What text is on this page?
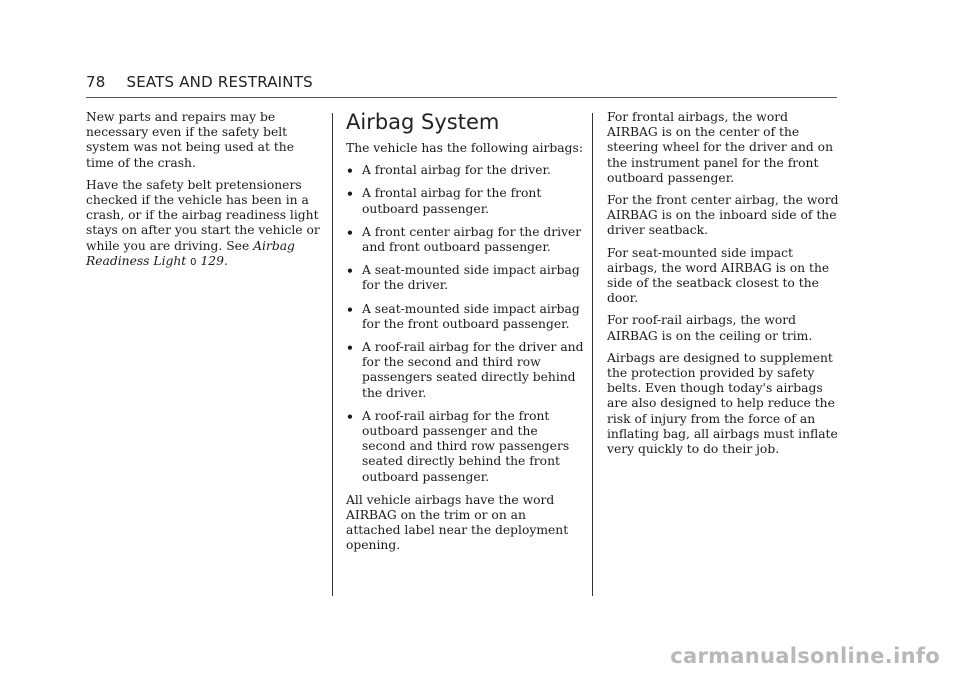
78 SEATS AND RESTRAINTS

New parts and repairs may be necessary even if the safety belt system was not being used at the time of the crash.

Have the safety belt pretensioners checked if the vehicle has been in a crash, or if the airbag readiness light stays on after you start the vehicle or while you are driving. See Airbag Readiness Light 0 129.

Airbag System

The vehicle has the following airbags:

• A frontal airbag for the driver.
• A frontal airbag for the front outboard passenger.
• A front center airbag for the driver and front outboard passenger.
• A seat-mounted side impact airbag for the driver.
• A seat-mounted side impact airbag for the front outboard passenger.
• A roof-rail airbag for the driver and for the second and third row passengers seated directly behind the driver.
• A roof-rail airbag for the front outboard passenger and the second and third row passengers seated directly behind the front outboard passenger.

All vehicle airbags have the word AIRBAG on the trim or on an attached label near the deployment opening.

For frontal airbags, the word AIRBAG is on the center of the steering wheel for the driver and on the instrument panel for the front outboard passenger.

For the front center airbag, the word AIRBAG is on the inboard side of the driver seatback.

For seat-mounted side impact airbags, the word AIRBAG is on the side of the seatback closest to the door.

For roof-rail airbags, the word AIRBAG is on the ceiling or trim.

Airbags are designed to supplement the protection provided by safety belts. Even though today's airbags are also designed to help reduce the risk of injury from the force of an inflating bag, all airbags must inflate very quickly to do their job.

carmanualsonline.info
